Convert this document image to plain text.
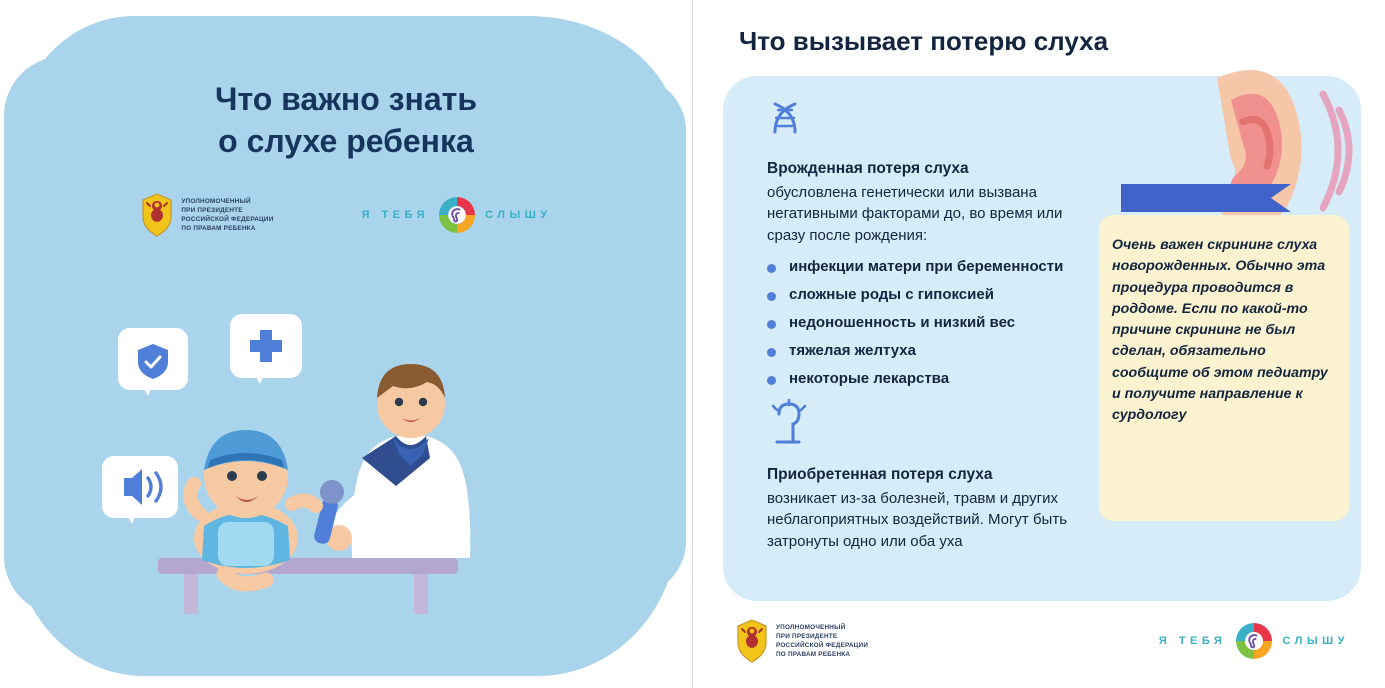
Что важно знать
о слухе ребенка
УПОЛНОМОЧЕННЫЙ
ПРИ ПРЕЗИДЕНТЕ
РОССИЙСКОЙ ФЕДЕРАЦИИ
ПО ПРАВАМ РЕБЕНКА
Я ТЕБЯ	СЛЫШУ
Что вызывает потерю слуха
Врожденная потеря слуха
обусловлена генетически или вызвана негативными факторами до, во время или сразу после рождения:
инфекции матери при беременности
сложные роды с гипоксией
недоношенность и низкий вес
тяжелая желтуха
некоторые лекарства
Приобретенная потеря слуха
возникает из-за болезней, травм и других неблагоприятных воздействий. Могут быть затронуты одно или оба уха
Очень важен скрининг слуха новорожденных. Обычно эта процедура проводится в роддоме. Если по какой-то причине скрининг не был сделан, обязательно сообщите об этом педиатру и получите направление к сурдологу
УПОЛНОМОЧЕННЫЙ
ПРИ ПРЕЗИДЕНТЕ
РОССИЙСКОЙ ФЕДЕРАЦИИ
ПО ПРАВАМ РЕБЕНКА
Я ТЕБЯ	СЛЫШУ
